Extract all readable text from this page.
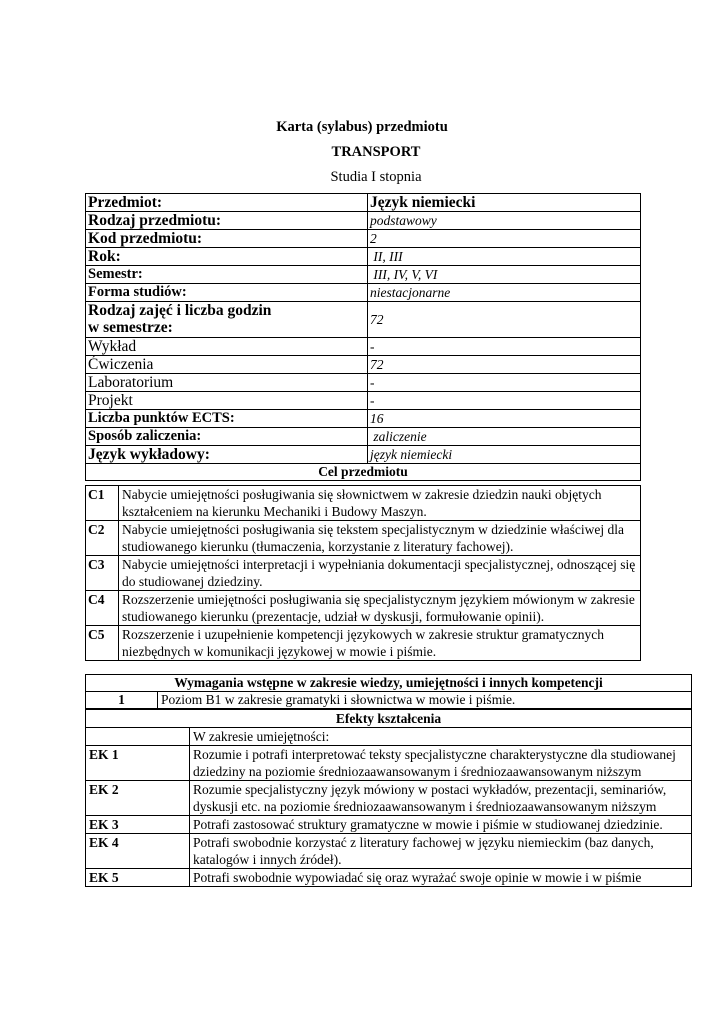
Karta (sylabus) przedmiotu
TRANSPORT
Studia I stopnia
Przedmiot:	Język niemiecki
Rodzaj przedmiotu:	podstawowy
Kod przedmiotu:	2
Rok:	II, III
Semestr:	III, IV, V, VI
Forma studiów:	niestacjonarne

Rodzaj zajęć i liczba godzin
w semestrze:	72
Wykład	-
Ćwiczenia	72
Laboratorium	-
Projekt	-
Liczba punktów ECTS:	16
Sposób zaliczenia:	zaliczenie
Język wykładowy:	język niemiecki
Cel przedmiotu	
C1	Nabycie umiejętności posługiwania się słownictwem w zakresie dziedzin nauki objętych kształceniem na kierunku Mechaniki i Budowy Maszyn.
C2	Nabycie umiejętności posługiwania się tekstem specjalistycznym w dziedzinie właściwej dla studiowanego kierunku (tłumaczenia, korzystanie z literatury fachowej).
C3	Nabycie umiejętności interpretacji i wypełniania dokumentacji specjalistycznej, odnoszącej się do studiowanej dziedziny.
C4	Rozszerzenie umiejętności posługiwania się specjalistycznym językiem mówionym w zakresie studiowanego kierunku (prezentacje, udział w dyskusji, formułowanie opinii).
C5	Rozszerzenie i uzupełnienie kompetencji językowych w zakresie struktur gramatycznych niezbędnych w komunikacji językowej w mowie i piśmie.
Wymagania wstępne w zakresie wiedzy, umiejętności i innych kompetencji
1	Poziom B1 w zakresie gramatyki i słownictwa w mowie i piśmie.
Efekty kształcenia	
	W zakresie umiejętności:
EK 1	Rozumie i potrafi interpretować teksty specjalistyczne charakterystyczne dla studiowanej dziedziny na poziomie średniozaawansowanym i średniozaawansowanym niższym
EK 2	Rozumie specjalistyczny język mówiony w postaci wykładów, prezentacji, seminariów, dyskusji etc. na poziomie średniozaawansowanym i średniozaawansowanym niższym
EK 3	Potrafi zastosować struktury gramatyczne w mowie i piśmie w studiowanej dziedzinie.
EK 4	Potrafi swobodnie korzystać z literatury fachowej w języku niemieckim (baz danych, katalogów i innych źródeł).
EK 5	Potrafi swobodnie wypowiadać się oraz wyrażać swoje opinie w mowie i w piśmie
